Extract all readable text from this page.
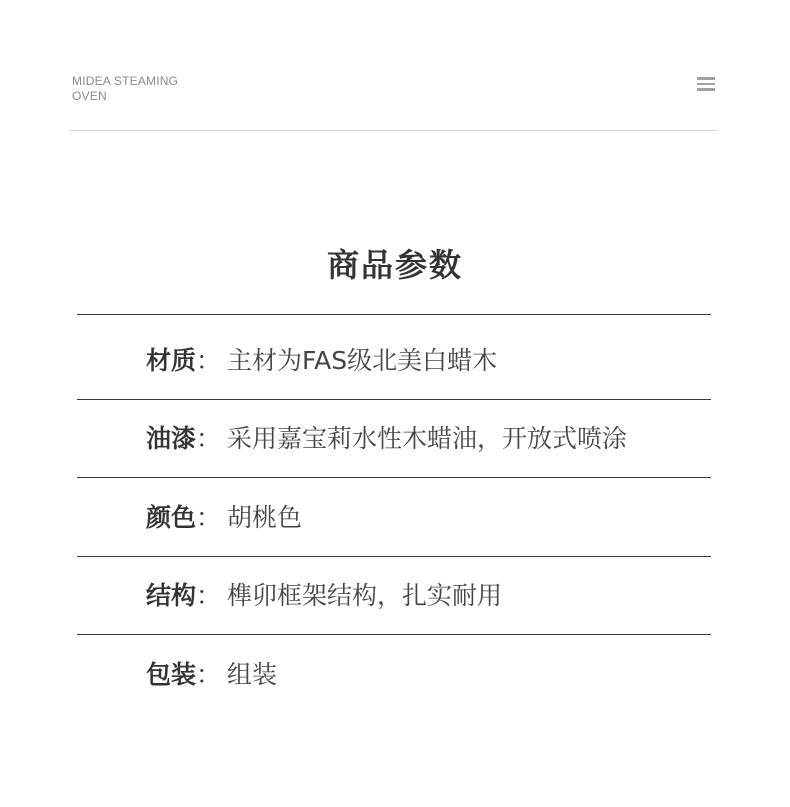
MIDEA STEAMING
OVEN
商品参数
材质： 主材为FAS级北美白蜡木
油漆： 采用嘉宝莉水性木蜡油，开放式喷涂
颜色： 胡桃色
结构： 榫卯框架结构，扎实耐用
包装： 组装
